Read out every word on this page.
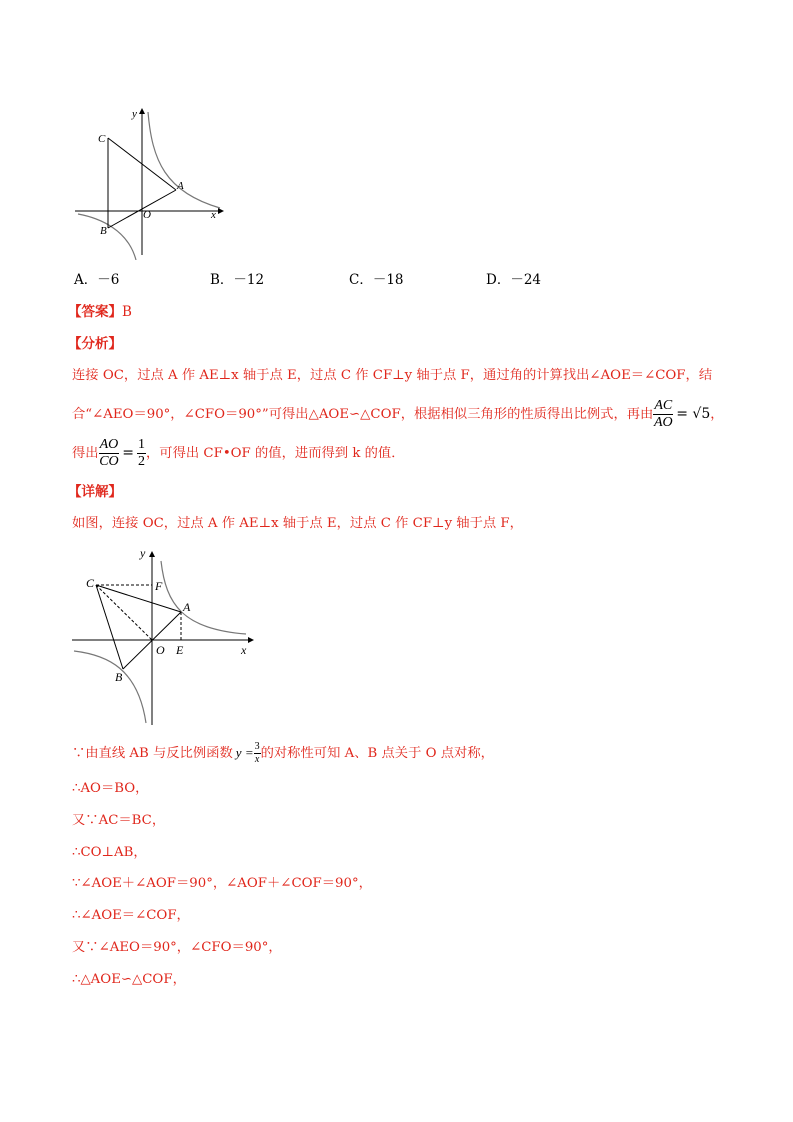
y
C
A
O	x
B
A．－6	B．－12	C．－18	D．－24
【答案】B
【分析】
连接 OC，过点 A 作 AE⊥x 轴于点 E，过点 C 作 CF⊥y 轴于点 F，通过角的计算找出∠AOE＝∠COF，结
合“∠AEO＝90°，∠CFO＝90°”可得出△AOE∽△COF，根据相似三角形的性质得出比例式，再由 $\frac{AC}{AO} = √5$，
得出 $\frac{AO}{CO} = \frac{1}{2}$ ，可得出 CF•OF 的值，进而得到 k 的值．
【详解】
如图，连接 OC，过点 A 作 AE⊥x 轴于点 E，过点 C 作 CF⊥y 轴于点 F，
y
C	F
A
O E	x
B
∵由直线 AB 与反比例函数 $y = \frac{3}{x}$ 的对称性可知 A、B 点关于 O 点对称，
∴AO＝BO，
又∵AC＝BC，
∴CO⊥AB，
∵∠AOE＋∠AOF＝90°，∠AOF＋∠COF＝90°，
∴∠AOE＝∠COF，
又∵∠AEO＝90°，∠CFO＝90°，
∴△AOE∽△COF，
